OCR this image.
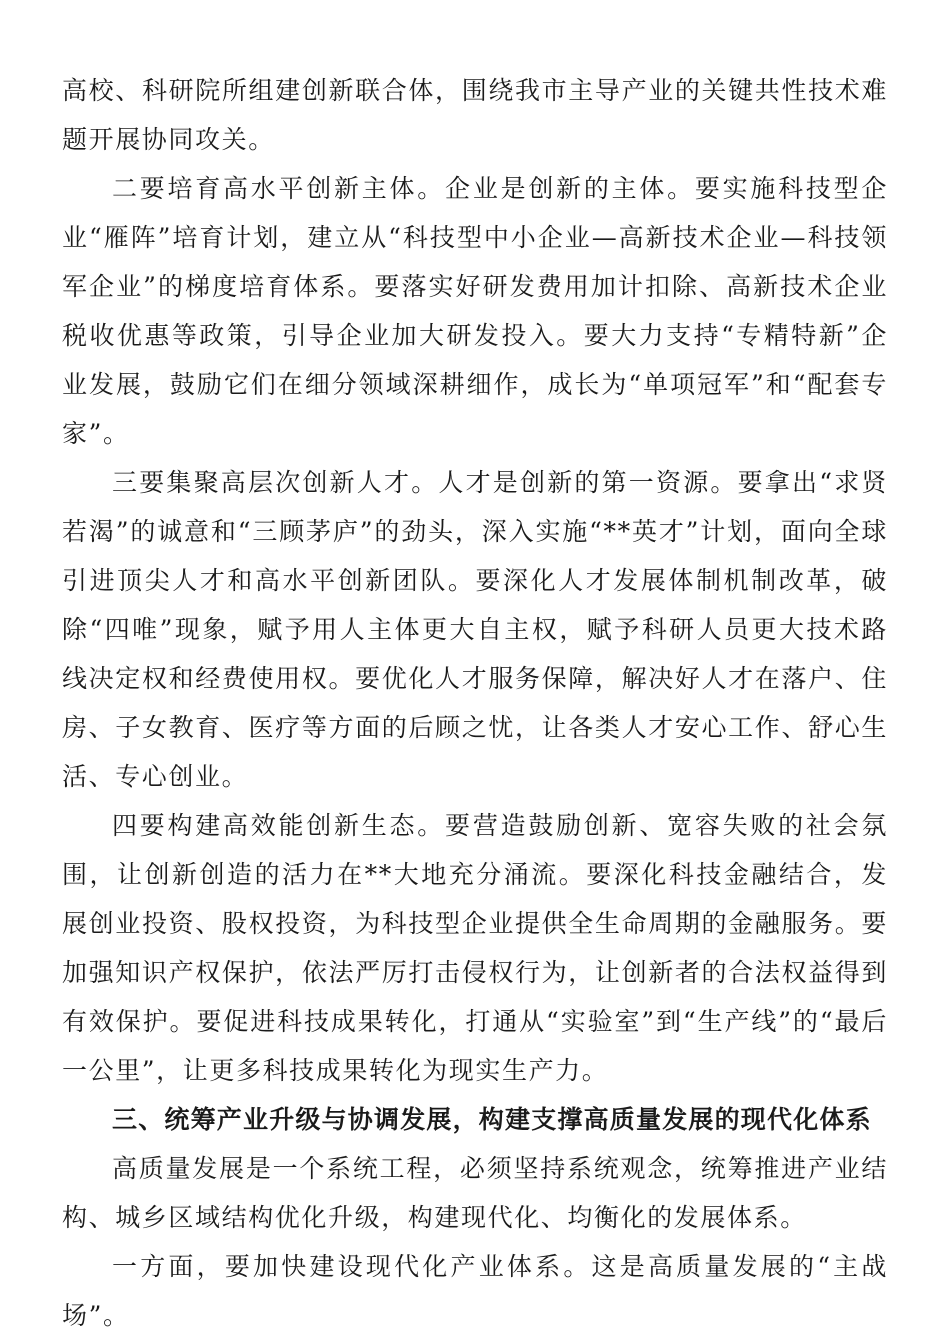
高校、科研院所组建创新联合体，围绕我市主导产业的关键共性技术难题开展协同攻关。

二要培育高水平创新主体。企业是创新的主体。要实施科技型企业“雁阵”培育计划，建立从“科技型中小企业—高新技术企业—科技领军企业”的梯度培育体系。要落实好研发费用加计扣除、高新技术企业税收优惠等政策，引导企业加大研发投入。要大力支持“专精特新”企业发展，鼓励它们在细分领域深耕细作，成长为“单项冠军”和“配套专家”。

三要集聚高层次创新人才。人才是创新的第一资源。要拿出“求贤若渴”的诚意和“三顾茅庐”的劲头，深入实施“**英才”计划，面向全球引进顶尖人才和高水平创新团队。要深化人才发展体制机制改革，破除“四唯”现象，赋予用人主体更大自主权，赋予科研人员更大技术路线决定权和经费使用权。要优化人才服务保障，解决好人才在落户、住房、子女教育、医疗等方面的后顾之忧，让各类人才安心工作、舒心生活、专心创业。

四要构建高效能创新生态。要营造鼓励创新、宽容失败的社会氛围，让创新创造的活力在**大地充分涌流。要深化科技金融结合，发展创业投资、股权投资，为科技型企业提供全生命周期的金融服务。要加强知识产权保护，依法严厉打击侵权行为，让创新者的合法权益得到有效保护。要促进科技成果转化，打通从“实验室”到“生产线”的“最后一公里”，让更多科技成果转化为现实生产力。

三、统筹产业升级与协调发展，构建支撑高质量发展的现代化体系

高质量发展是一个系统工程，必须坚持系统观念，统筹推进产业结构、城乡区域结构优化升级，构建现代化、均衡化的发展体系。

一方面，要加快建设现代化产业体系。这是高质量发展的“主战场”。
